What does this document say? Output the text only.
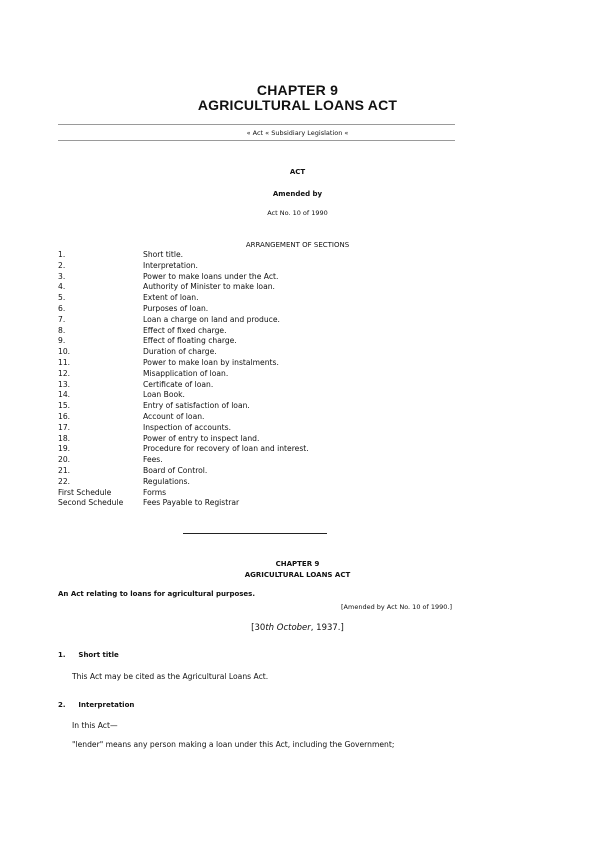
CHAPTER 9
AGRICULTURAL LOANS ACT
« Act « Subsidiary Legislation «
ACT
Amended by
Act No. 10 of 1990
ARRANGEMENT OF SECTIONS
1.	Short title.
2.	Interpretation.
3.	Power to make loans under the Act.
4.	Authority of Minister to make loan.
5.	Extent of loan.
6.	Purposes of loan.
7.	Loan a charge on land and produce.
8.	Effect of fixed charge.
9.	Effect of floating charge.
10.	Duration of charge.
11.	Power to make loan by instalments.
12.	Misapplication of loan.
13.	Certificate of loan.
14.	Loan Book.
15.	Entry of satisfaction of loan.
16.	Account of loan.
17.	Inspection of accounts.
18.	Power of entry to inspect land.
19.	Procedure for recovery of loan and interest.
20.	Fees.
21.	Board of Control.
22.	Regulations.
First Schedule	Forms
Second Schedule	Fees Payable to Registrar
CHAPTER 9
AGRICULTURAL LOANS ACT
An Act relating to loans for agricultural purposes.
[Amended by Act No. 10 of 1990.]
[30th October, 1937.]
1. Short title
This Act may be cited as the Agricultural Loans Act.
2. Interpretation
In this Act—
"lender" means any person making a loan under this Act, including the Government;
